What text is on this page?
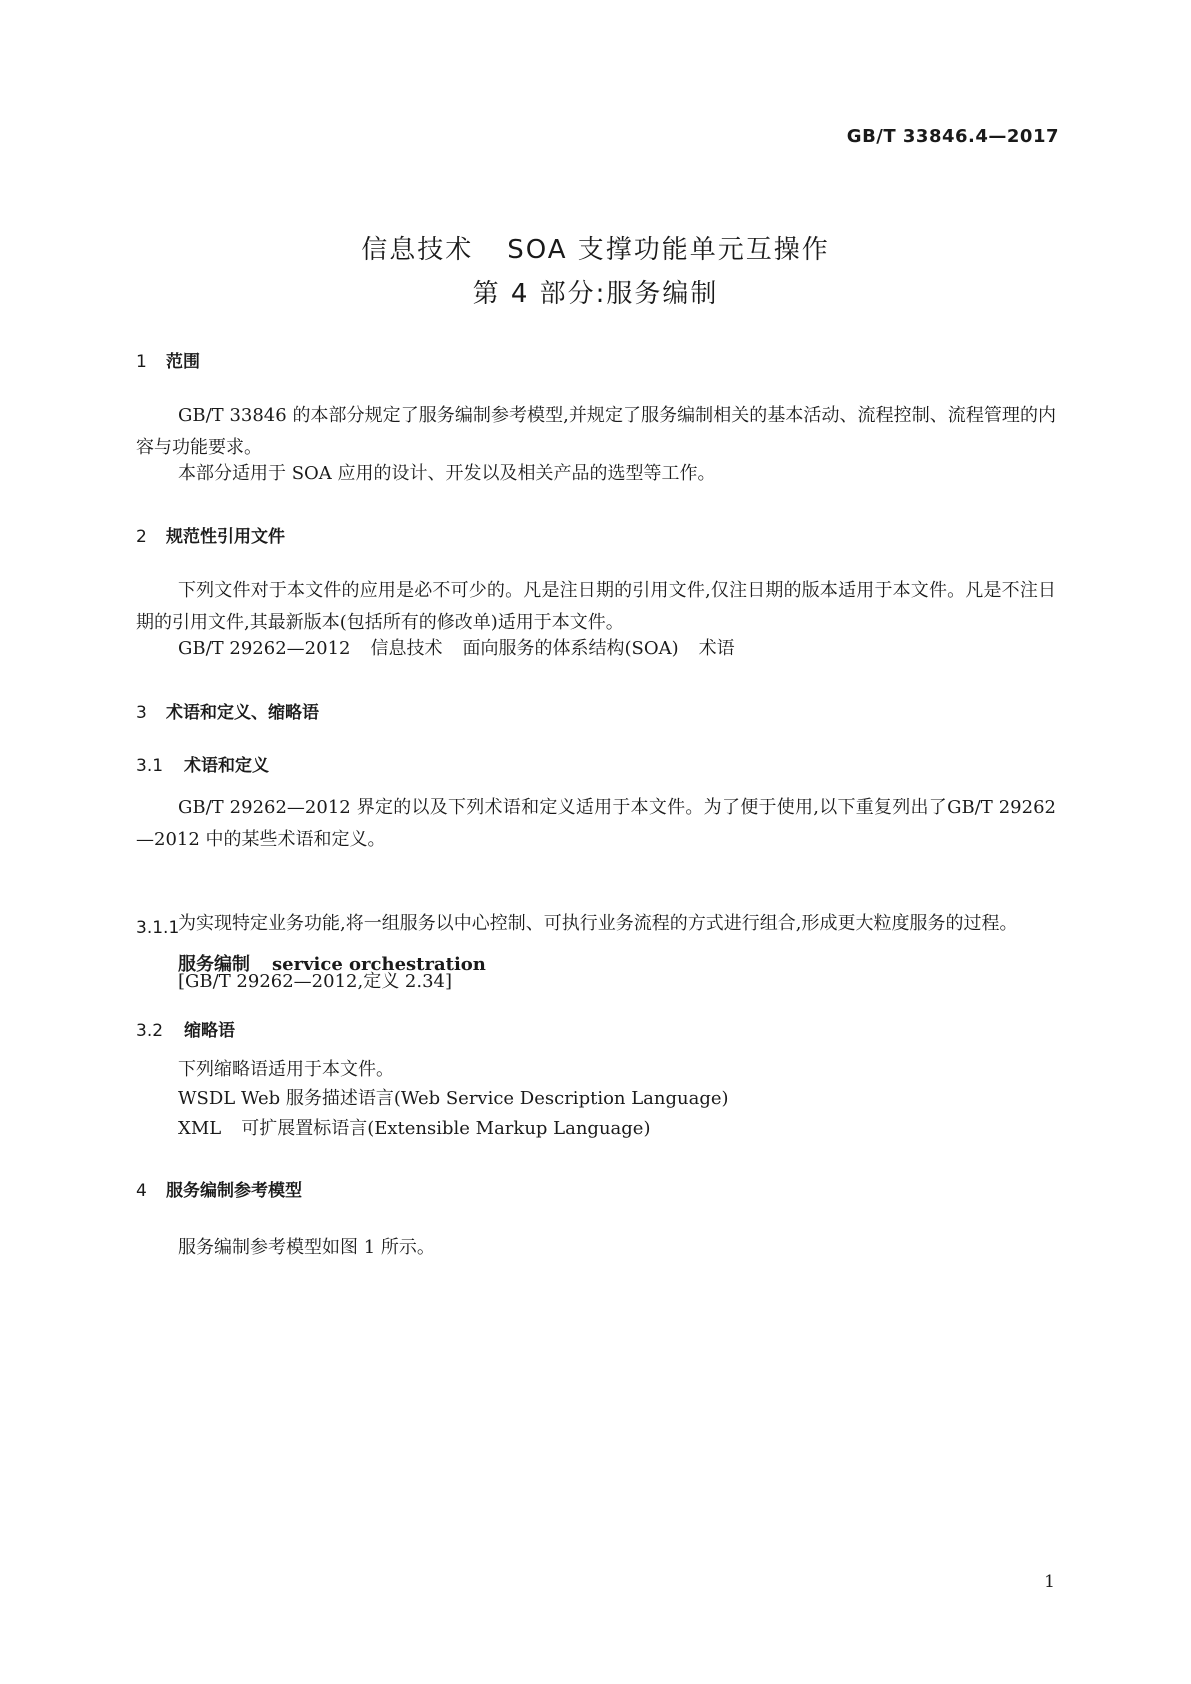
GB/T 33846.4—2017
信息技术 SOA 支撑功能单元互操作
第 4 部分:服务编制
1 范围
GB/T 33846 的本部分规定了服务编制参考模型,并规定了服务编制相关的基本活动、流程控制、流程管理的内容与功能要求。
本部分适用于 SOA 应用的设计、开发以及相关产品的选型等工作。
2 规范性引用文件
下列文件对于本文件的应用是必不可少的。凡是注日期的引用文件,仅注日期的版本适用于本文件。凡是不注日期的引用文件,其最新版本(包括所有的修改单)适用于本文件。
GB/T 29262—2012 信息技术 面向服务的体系结构(SOA) 术语
3 术语和定义、缩略语
3.1 术语和定义
GB/T 29262—2012 界定的以及下列术语和定义适用于本文件。为了便于使用,以下重复列出了GB/T 29262—2012 中的某些术语和定义。
3.1.1
服务编制 service orchestration
为实现特定业务功能,将一组服务以中心控制、可执行业务流程的方式进行组合,形成更大粒度服务的过程。
[GB/T 29262—2012,定义 2.34]
3.2 缩略语
下列缩略语适用于本文件。
WSDL Web 服务描述语言(Web Service Description Language)
XML 可扩展置标语言(Extensible Markup Language)
4 服务编制参考模型
服务编制参考模型如图 1 所示。
1
